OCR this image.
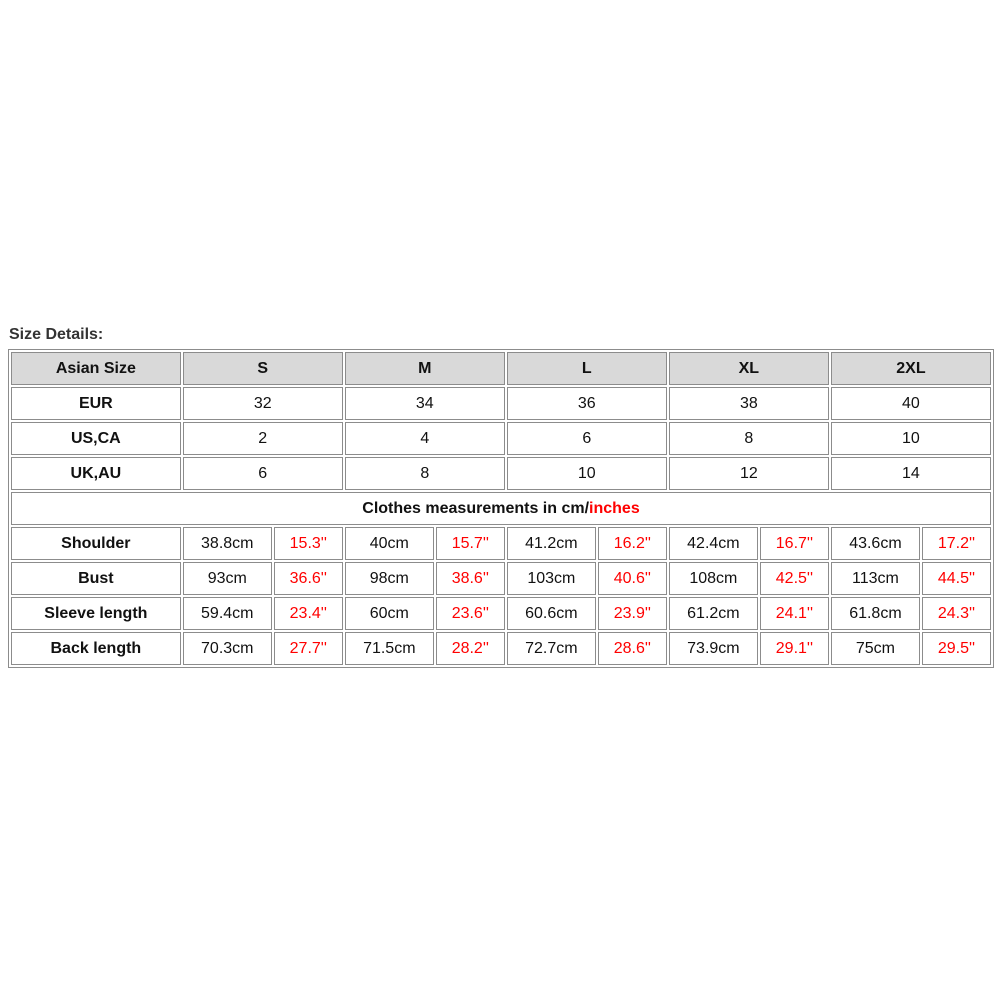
Size Details:
Asian Size	S		M		L		XL		2XL	
EUR	32		34		36		38		40	
US,CA	2		4		6		8		10	
UK,AU	6		8		10		12		14	
Clothes measurements in cm/inches										
Shoulder	38.8cm	15.3''	40cm	15.7''	41.2cm	16.2''	42.4cm	16.7''	43.6cm	17.2''
Bust	93cm	36.6''	98cm	38.6''	103cm	40.6''	108cm	42.5''	113cm	44.5''
Sleeve length	59.4cm	23.4''	60cm	23.6''	60.6cm	23.9''	61.2cm	24.1''	61.8cm	24.3''
Back length	70.3cm	27.7''	71.5cm	28.2''	72.7cm	28.6''	73.9cm	29.1''	75cm	29.5''
